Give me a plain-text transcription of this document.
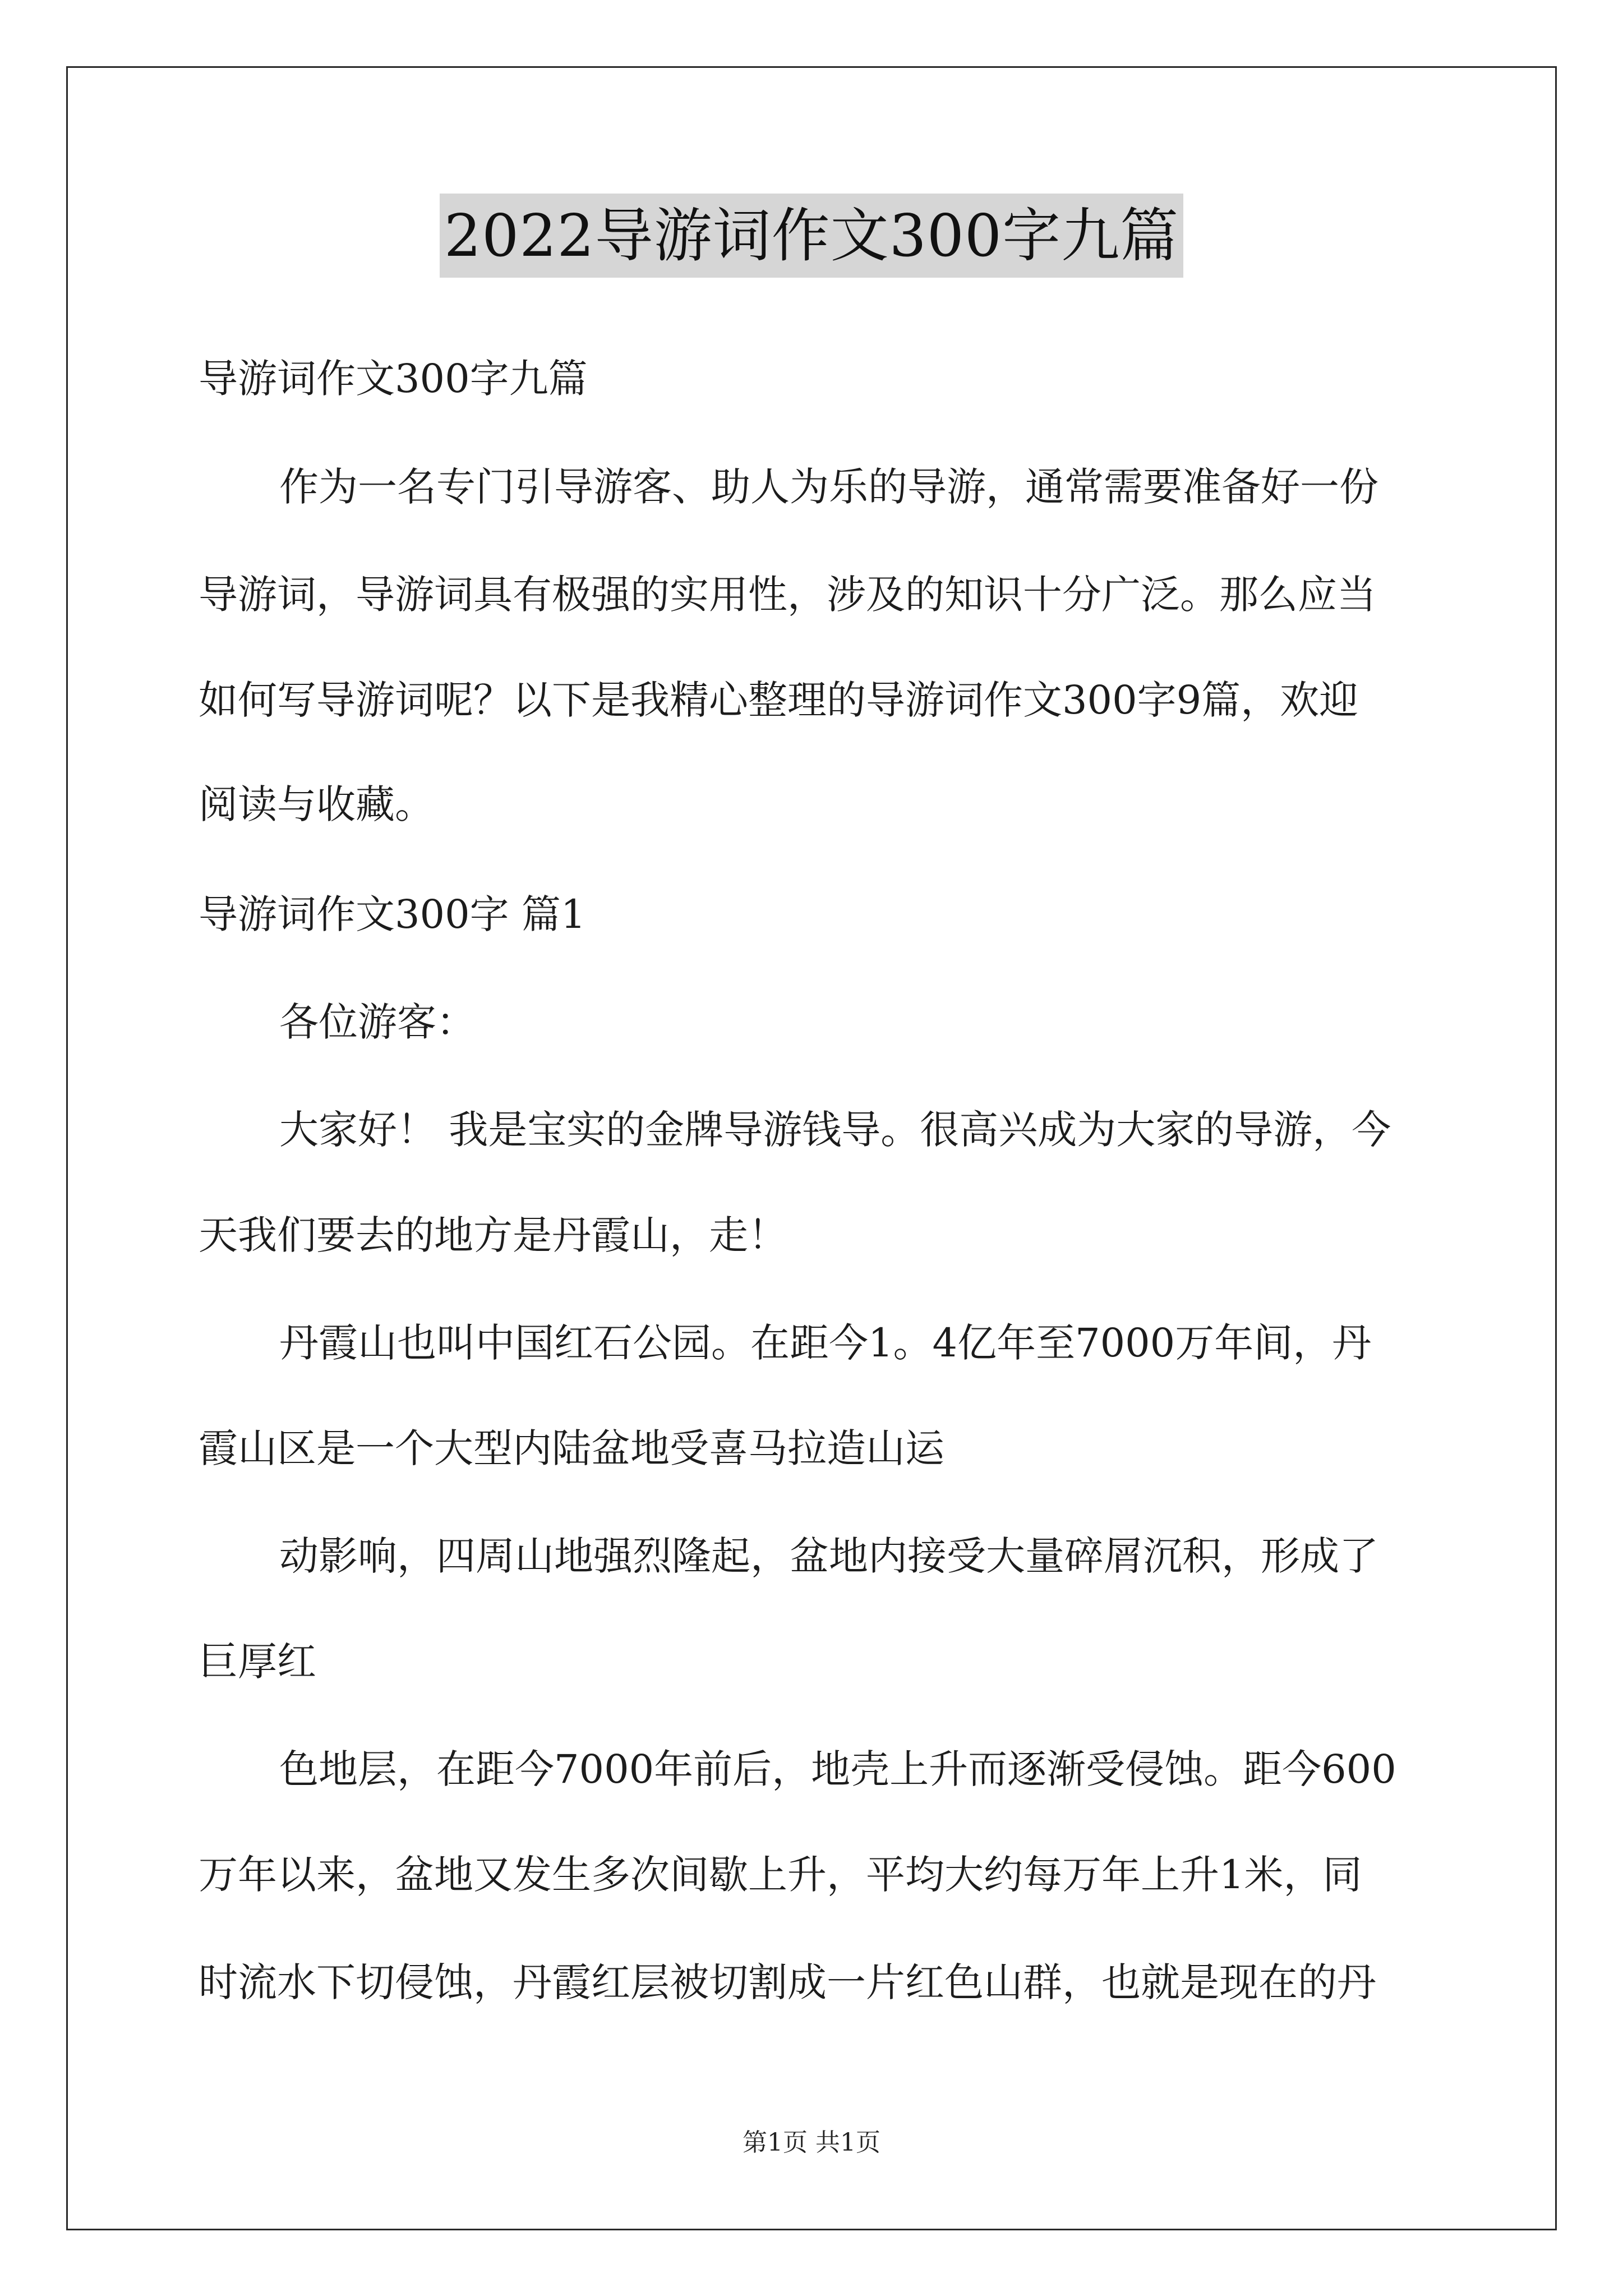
2022导游词作文300字九篇
导游词作文300字九篇
作为一名专门引导游客、助人为乐的导游，通常需要准备好一份
导游词，导游词具有极强的实用性，涉及的知识十分广泛。那么应当
如何写导游词呢？以下是我精心整理的导游词作文300字9篇，欢迎
阅读与收藏。
导游词作文300字 篇1
各位游客：
大家好！ 我是宝实的金牌导游钱导。很高兴成为大家的导游，今
天我们要去的地方是丹霞山，走！
丹霞山也叫中国红石公园。在距今1。4亿年至7000万年间，丹
霞山区是一个大型内陆盆地受喜马拉造山运
动影响，四周山地强烈隆起，盆地内接受大量碎屑沉积，形成了
巨厚红
色地层，在距今7000年前后，地壳上升而逐渐受侵蚀。距今600
万年以来，盆地又发生多次间歇上升，平均大约每万年上升1米，同
时流水下切侵蚀，丹霞红层被切割成一片红色山群，也就是现在的丹
第1页 共1页
